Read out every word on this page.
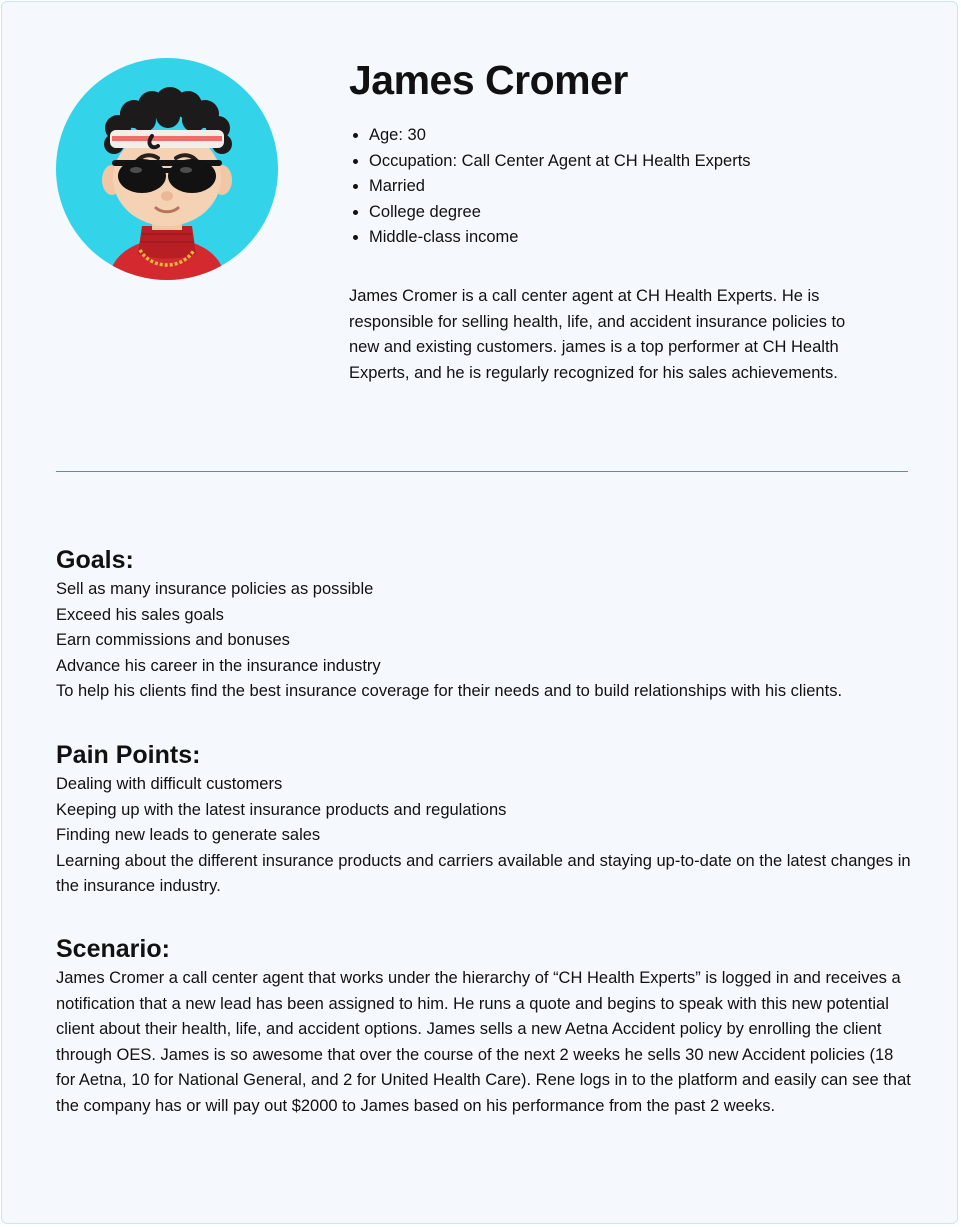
James Cromer
• Age: 30
• Occupation: Call Center Agent at CH Health Experts
• Married
• College degree
• Middle-class income

James Cromer is a call center agent at CH Health Experts. He is responsible for selling health, life, and accident insurance policies to new and existing customers. james is a top performer at CH Health Experts, and he is regularly recognized for his sales achievements.

Goals:

Sell as many insurance policies as possible

Exceed his sales goals

Earn commissions and bonuses

Advance his career in the insurance industry

To help his clients find the best insurance coverage for their needs and to build relationships with his clients.

Pain Points:

Dealing with difficult customers

Keeping up with the latest insurance products and regulations

Finding new leads to generate sales

Learning about the different insurance products and carriers available and staying up-to-date on the latest changes in the insurance industry.

Scenario:

James Cromer a call center agent that works under the hierarchy of “CH Health Experts” is logged in and receives a notification that a new lead has been assigned to him. He runs a quote and begins to speak with this new potential client about their health, life, and accident options. James sells a new Aetna Accident policy by enrolling the client through OES. James is so awesome that over the course of the next 2 weeks he sells 30 new Accident policies (18 for Aetna, 10 for National General, and 2 for United Health Care). Rene logs in to the platform and easily can see that the company has or will pay out $2000 to James based on his performance from the past 2 weeks.
